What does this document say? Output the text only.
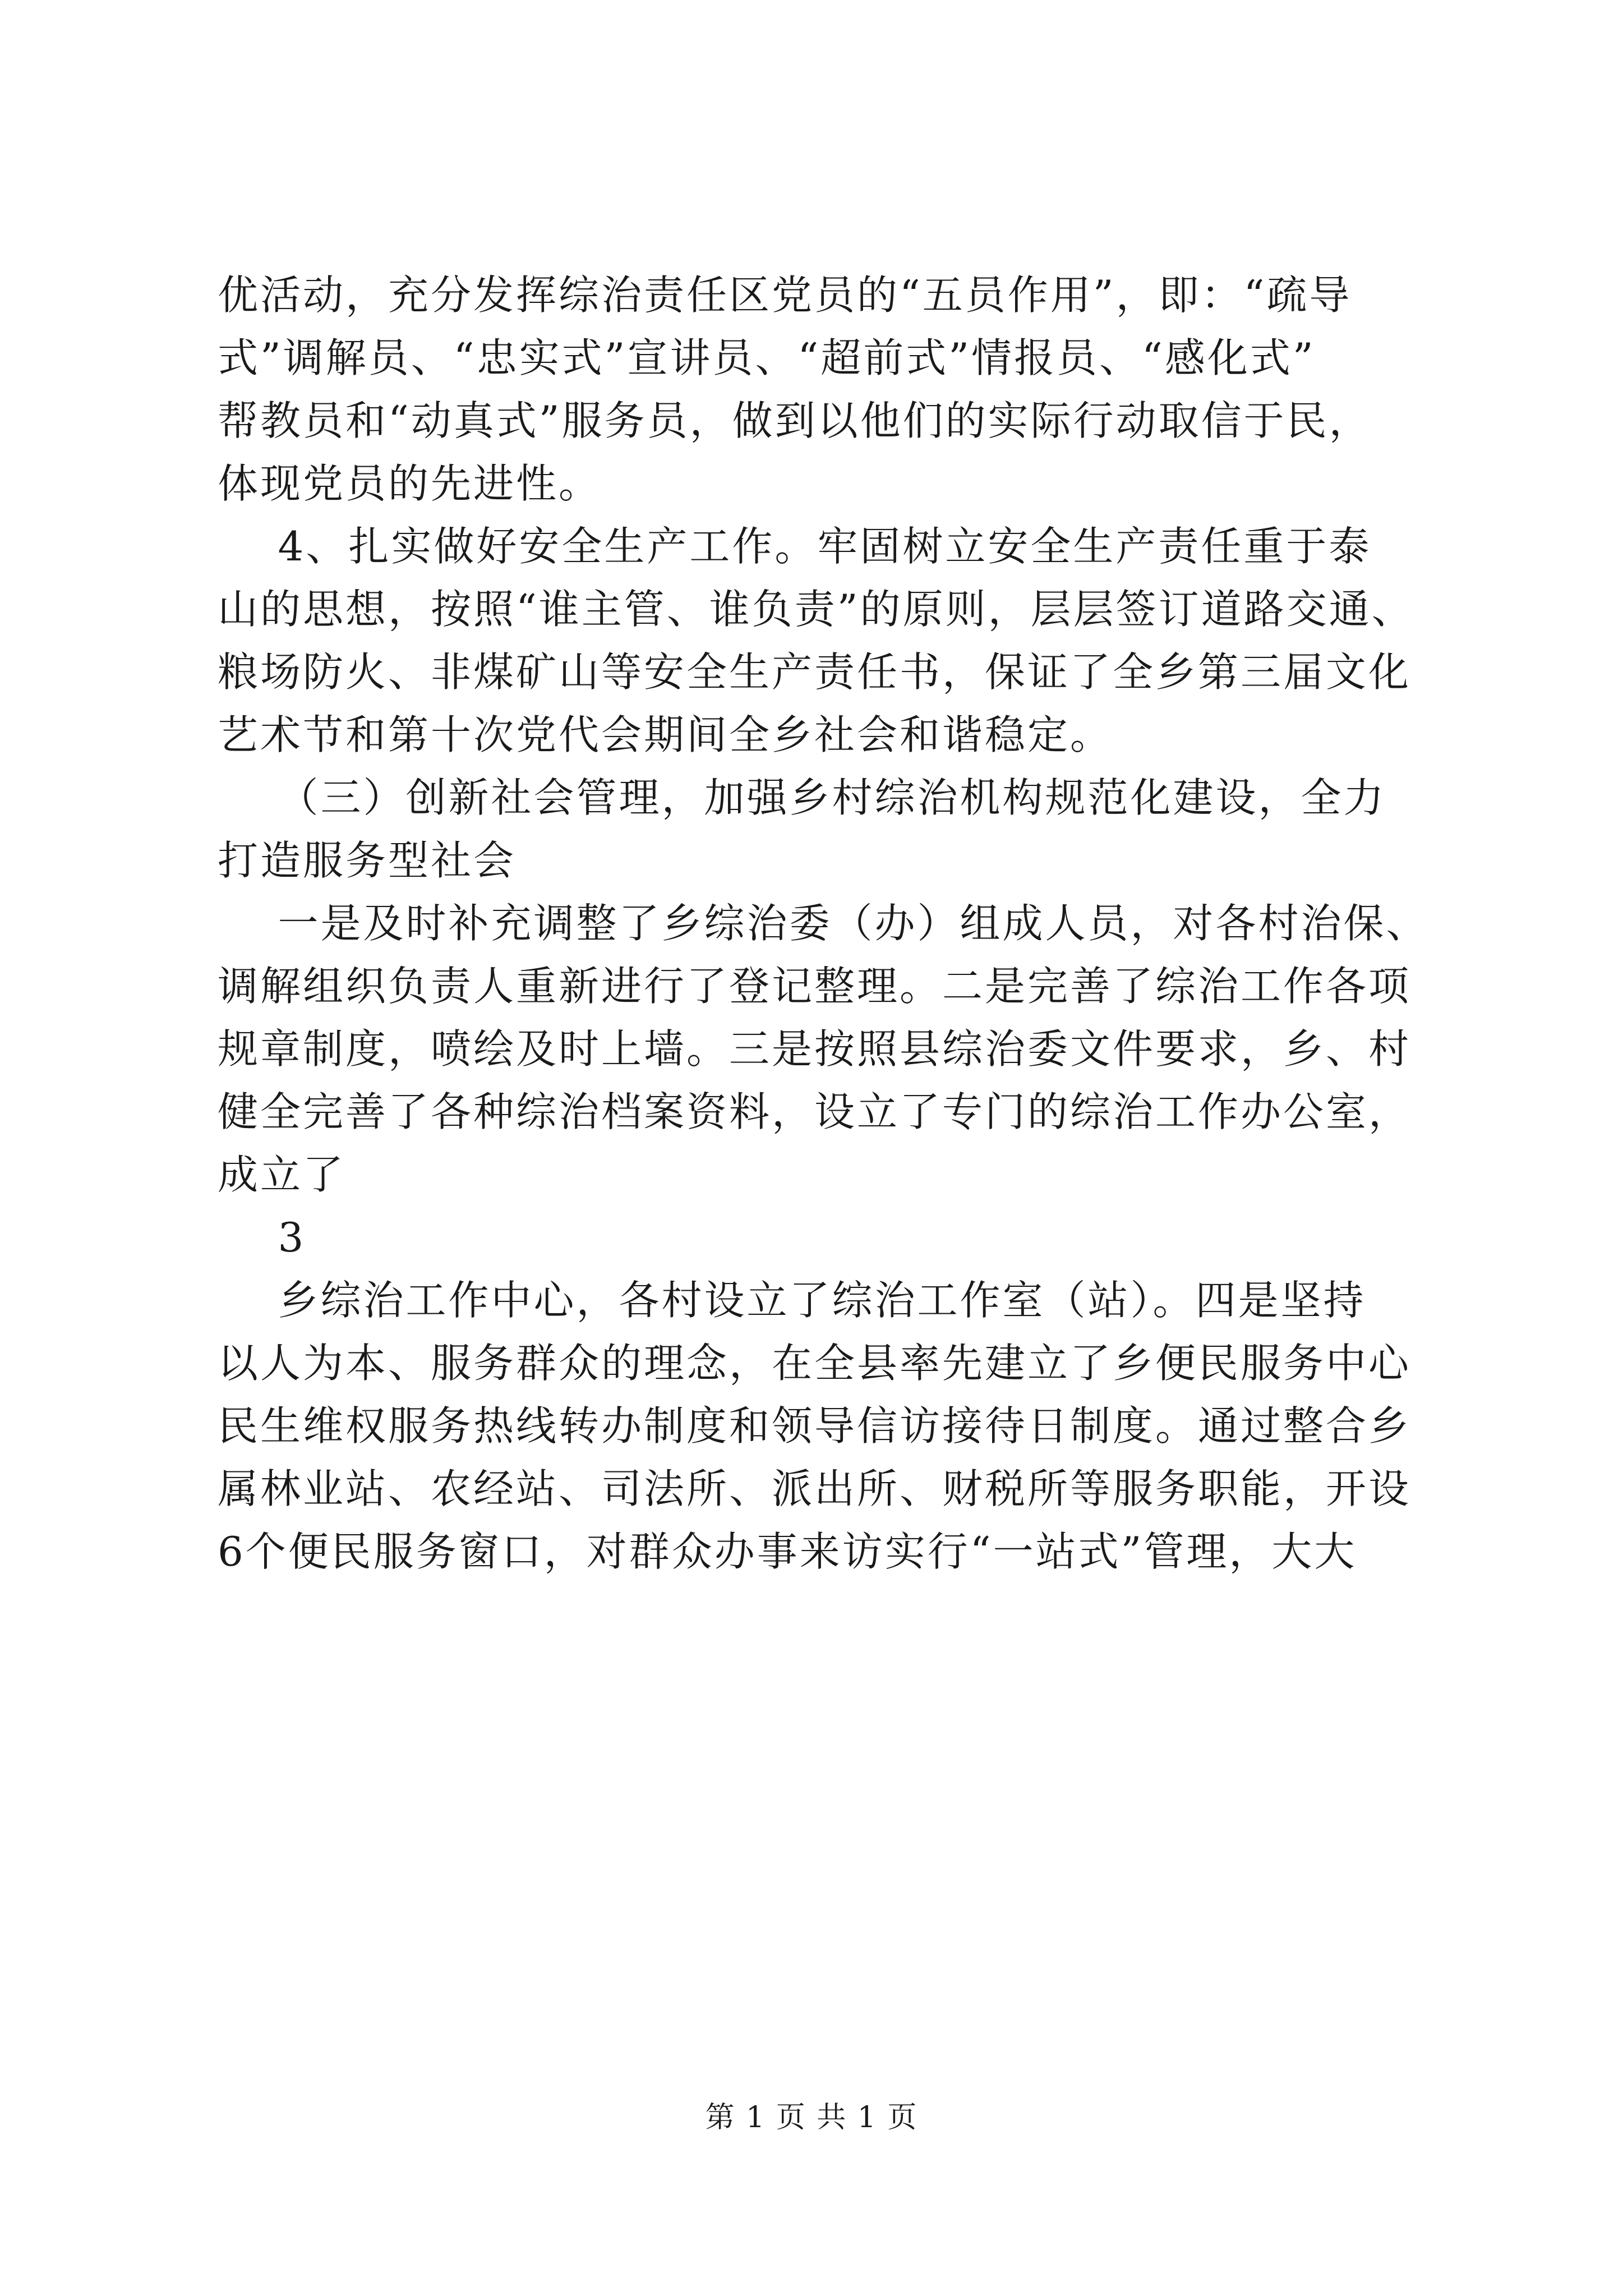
优活动，充分发挥综治责任区党员的“五员作用”，即：“疏导
式”调解员、“忠实式”宣讲员、“超前式”情报员、“感化式”
帮教员和“动真式”服务员，做到以他们的实际行动取信于民，
体现党员的先进性。
4、扎实做好安全生产工作。牢固树立安全生产责任重于泰
山的思想，按照“谁主管、谁负责”的原则，层层签订道路交通、
粮场防火、非煤矿山等安全生产责任书，保证了全乡第三届文化
艺术节和第十次党代会期间全乡社会和谐稳定。
（三）创新社会管理，加强乡村综治机构规范化建设，全力
打造服务型社会
一是及时补充调整了乡综治委（办）组成人员，对各村治保、
调解组织负责人重新进行了登记整理。二是完善了综治工作各项
规章制度，喷绘及时上墙。三是按照县综治委文件要求，乡、村
健全完善了各种综治档案资料，设立了专门的综治工作办公室，
成立了
3
乡综治工作中心，各村设立了综治工作室（站）。四是坚持
以人为本、服务群众的理念，在全县率先建立了乡便民服务中心
民生维权服务热线转办制度和领导信访接待日制度。通过整合乡
属林业站、农经站、司法所、派出所、财税所等服务职能，开设
6个便民服务窗口，对群众办事来访实行“一站式”管理，大大
第 1 页 共 1 页
